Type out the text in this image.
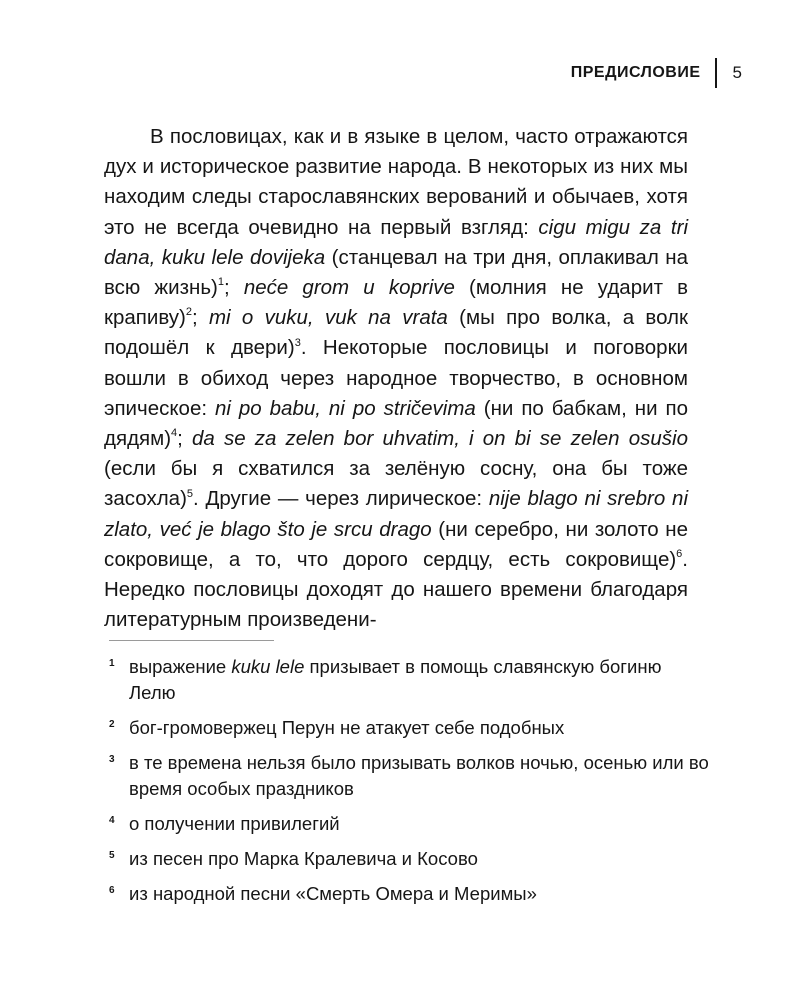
ПРЕДИСЛОВИЕ 5

В пословицах, как и в языке в целом, часто отражаются дух и историческое развитие народа. В некоторых из них мы находим следы старославянских верований и обычаев, хотя это не всегда очевидно на первый взгляд: cigu migu za tri dana, kuku lele dovijeka (станцевал на три дня, оплакивал на всю жизнь)$^1$; neće grom u koprive (молния не ударит в крапиву)$^2$; mi o vuku, vuk na vrata (мы про волка, а волк подошёл к двери)$^3$. Некоторые пословицы и поговорки вошли в обиход через народное творчество, в основном эпическое: ni po babu, ni po stričevima (ни по бабкам, ни по дядям)$^4$; da se za zelen bor uhvatim, i on bi se zelen osušio (если бы я схватился за зелёную сосну, она бы тоже засохла)$^5$. Другие — через лирическое: nije blago ni srebro ni zlato, već je blago što je srcu drago (ни серебро, ни золото не сокровище, а то, что дорого сердцу, есть сокровище)$^6$. Нередко пословицы доходят до нашего времени благодаря литературным произведени-

1 выражение kuku lele призывает в помощь славянскую богиню Лелю
2 бог-громовержец Перун не атакует себе подобных
3 в те времена нельзя было призывать волков ночью, осенью или во время особых праздников
4 о получении привилегий
5 из песен про Марка Кралевича и Косово
6 из народной песни «Смерть Омера и Меримы»
